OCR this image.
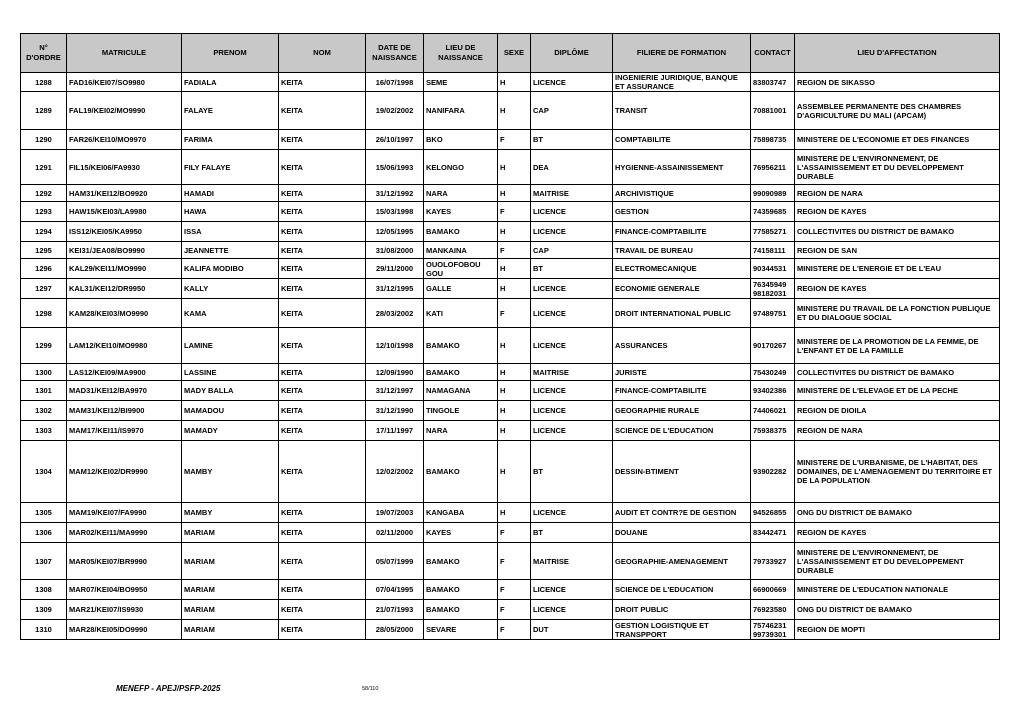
N° D'ORDRE	MATRICULE	PRENOM	NOM	DATE DE NAISSANCE	LIEU DE NAISSANCE	SEXE	DIPLÔME	FILIERE DE FORMATION	CONTACT	LIEU D'AFFECTATION
1288	FAD16/KEI07/SO9980	FADIALA	KEITA	16/07/1998	SEME	H	LICENCE	INGENIERIE JURIDIQUE, BANQUE ET ASSURANCE	83803747	REGION DE SIKASSO
1289	FAL19/KEI02/MO9990	FALAYE	KEITA	19/02/2002	NANIFARA	H	CAP	TRANSIT	70881001	ASSEMBLEE PERMANENTE DES CHAMBRES D'AGRICULTURE DU MALI (APCAM)
1290	FAR26/KEI10/MO9970	FARIMA	KEITA	26/10/1997	BKO	F	BT	COMPTABILITE	75898735	MINISTERE DE L'ECONOMIE ET DES FINANCES
1291	FIL15/KEI06/FA9930	FILY FALAYE	KEITA	15/06/1993	KELONGO	H	DEA	HYGIENNE-ASSAINISSEMENT	76956211	MINISTERE DE L'ENVIRONNEMENT, DE L'ASSAINISSEMENT ET DU DEVELOPPEMENT DURABLE
1292	HAM31/KEI12/BO9920	HAMADI	KEITA	31/12/1992	NARA	H	MAITRISE	ARCHIVISTIQUE	99090989	REGION DE NARA
1293	HAW15/KEI03/LA9980	HAWA	KEITA	15/03/1998	KAYES	F	LICENCE	GESTION	74359685	REGION DE KAYES
1294	ISS12/KEI05/KA9950	ISSA	KEITA	12/05/1995	BAMAKO	H	LICENCE	FINANCE-COMPTABILITE	77585271	COLLECTIVITES DU DISTRICT DE BAMAKO
1295	KEI31/JEA08/BO9990	JEANNETTE	KEITA	31/08/2000	MANKAINA	F	CAP	TRAVAIL DE BUREAU	74158111	REGION DE SAN
1296	KAL29/KEI11/MO9990	KALIFA MODIBO	KEITA	29/11/2000	OUOLOFOBOU GOU	H	BT	ELECTROMECANIQUE	90344531	MINISTERE DE L'ENERGIE ET DE L'EAU
1297	KAL31/KEI12/DR9950	KALLY	KEITA	31/12/1995	GALLE	H	LICENCE	ECONOMIE GENERALE	76345949 98182031	REGION DE KAYES
1298	KAM28/KEI03/MO9990	KAMA	KEITA	28/03/2002	KATI	F	LICENCE	DROIT INTERNATIONAL PUBLIC	97489751	MINISTERE DU TRAVAIL DE LA FONCTION PUBLIQUE ET DU DIALOGUE SOCIAL
1299	LAM12/KEI10/MO9980	LAMINE	KEITA	12/10/1998	BAMAKO	H	LICENCE	ASSURANCES	90170267	MINISTERE DE LA PROMOTION DE LA FEMME, DE L'ENFANT ET DE LA FAMILLE
1300	LAS12/KEI09/MA9900	LASSINE	KEITA	12/09/1990	BAMAKO	H	MAITRISE	JURISTE	75430249	COLLECTIVITES DU DISTRICT DE BAMAKO
1301	MAD31/KEI12/BA9970	MADY BALLA	KEITA	31/12/1997	NAMAGANA	H	LICENCE	FINANCE-COMPTABILITE	93402386	MINISTERE DE L'ELEVAGE ET DE LA PECHE
1302	MAM31/KEI12/BI9900	MAMADOU	KEITA	31/12/1990	TINGOLE	H	LICENCE	GEOGRAPHIE RURALE	74406021	REGION DE DIOILA
1303	MAM17/KEI11/IS9970	MAMADY	KEITA	17/11/1997	NARA	H	LICENCE	SCIENCE DE L'EDUCATION	75938375	REGION DE NARA
1304	MAM12/KEI02/DR9990	MAMBY	KEITA	12/02/2002	BAMAKO	H	BT	DESSIN-BTIMENT	93902282	MINISTERE DE L'URBANISME, DE L'HABITAT, DES DOMAINES, DE L'AMENAGEMENT DU TERRITOIRE ET DE LA POPULATION
1305	MAM19/KEI07/FA9990	MAMBY	KEITA	19/07/2003	KANGABA	H	LICENCE	AUDIT ET CONTR?E DE GESTION	94526855	ONG DU DISTRICT DE BAMAKO
1306	MAR02/KEI11/MA9990	MARIAM	KEITA	02/11/2000	KAYES	F	BT	DOUANE	83442471	REGION DE KAYES
1307	MAR05/KEI07/BR9990	MARIAM	KEITA	05/07/1999	BAMAKO	F	MAITRISE	GEOGRAPHIE-AMENAGEMENT	79733927	MINISTERE DE L'ENVIRONNEMENT, DE L'ASSAINISSEMENT ET DU DEVELOPPEMENT DURABLE
1308	MAR07/KEI04/BO9950	MARIAM	KEITA	07/04/1995	BAMAKO	F	LICENCE	SCIENCE DE L'EDUCATION	66900669	MINISTERE DE L'EDUCATION NATIONALE
1309	MAR21/KEI07/IS9930	MARIAM	KEITA	21/07/1993	BAMAKO	F	LICENCE	DROIT PUBLIC	76923580	ONG DU DISTRICT DE BAMAKO
1310	MAR28/KEI05/DO9990	MARIAM	KEITA	28/05/2000	SEVARE	F	DUT	GESTION LOGISTIQUE ET TRANSPPORT	75746231 99739301	REGION DE MOPTI
MENEFP - APEJ/PSFP-2025	58/110
